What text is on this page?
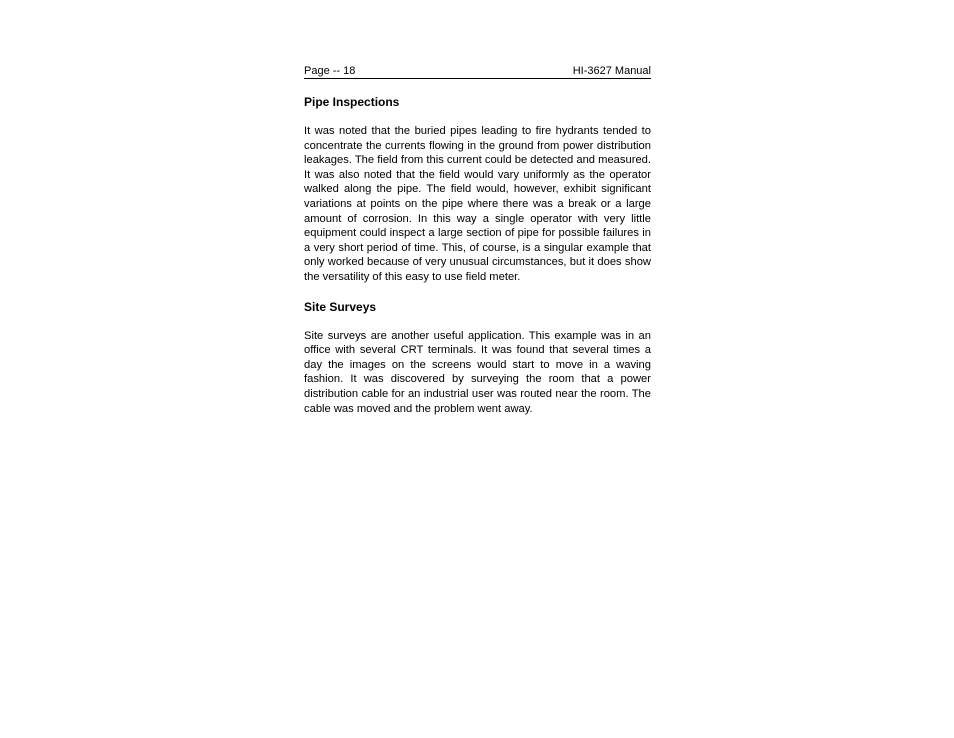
Page -- 18	HI-3627 Manual
Pipe Inspections

It was noted that the buried pipes leading to fire hydrants tended to concentrate the currents flowing in the ground from power distribution leakages. The field from this current could be detected and measured. It was also noted that the field would vary uniformly as the operator walked along the pipe. The field would, however, exhibit significant variations at points on the pipe where there was a break or a large amount of corrosion. In this way a single operator with very little equipment could inspect a large section of pipe for possible failures in a very short period of time. This, of course, is a singular example that only worked because of very unusual circumstances, but it does show the versatility of this easy to use field meter.

Site Surveys

Site surveys are another useful application. This example was in an office with several CRT terminals. It was found that several times a day the images on the screens would start to move in a waving fashion. It was discovered by surveying the room that a power distribution cable for an industrial user was routed near the room. The cable was moved and the problem went away.
